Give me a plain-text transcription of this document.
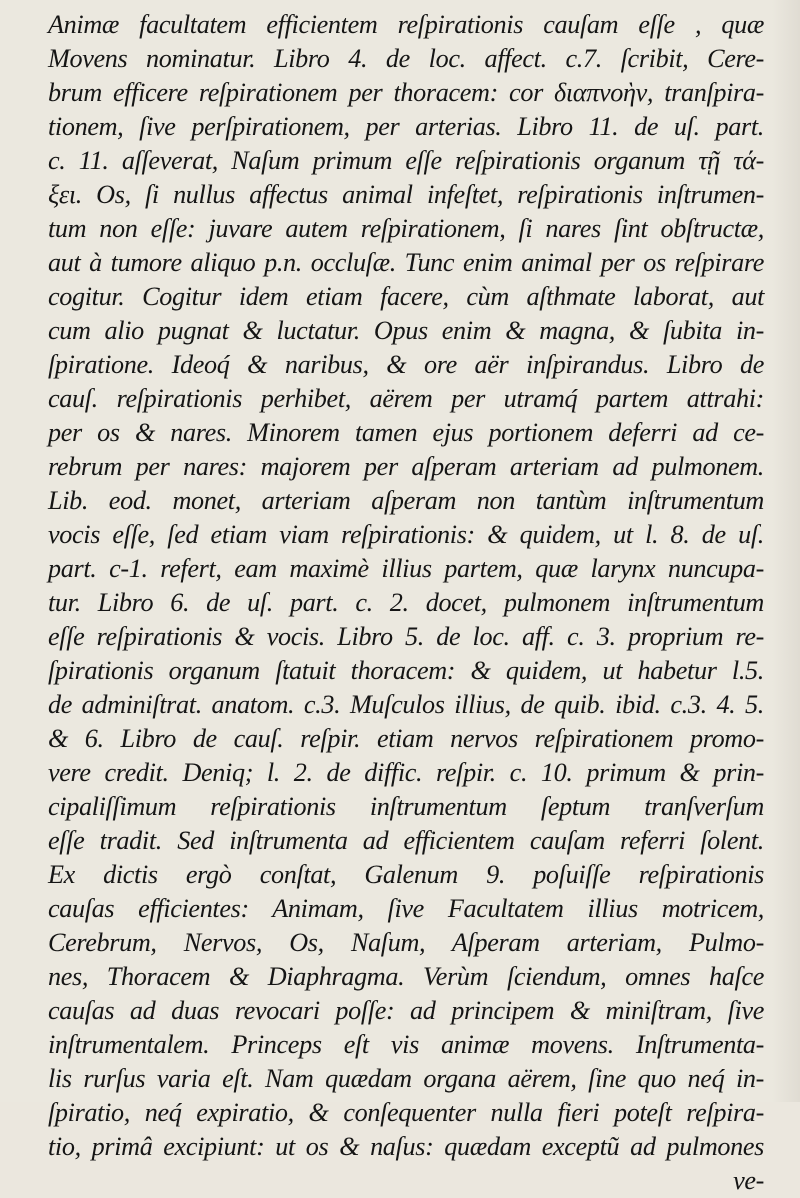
Animæ facultatem efficientem reſpirationis cauſam eſſe , quæ
Movens nominatur. Libro 4. de loc. affect. c.7. ſcribit, Cere-
brum efficere reſpirationem per thoracem: cor διαπνοὴν, tranſpira-
tionem, ſive perſpirationem, per arterias. Libro 11. de uſ. part.
c. 11. aſſeverat, Naſum primum eſſe reſpirationis organum τῇ τά-
ξει. Os, ſi nullus affectus animal infeſtet, reſpirationis inſtrumen-
tum non eſſe: juvare autem reſpirationem, ſi nares ſint obſtructæ,
aut à tumore aliquo p.n. occluſæ. Tunc enim animal per os reſpirare
cogitur. Cogitur idem etiam facere, cùm aſthmate laborat, aut
cum alio pugnat & luctatur. Opus enim & magna, & ſubita in-
ſpiratione. Ideoq́ & naribus, & ore aër inſpirandus. Libro de
cauſ. reſpirationis perhibet, aërem per utramq́ partem attrahi:
per os & nares. Minorem tamen ejus portionem deferri ad ce-
rebrum per nares: majorem per aſperam arteriam ad pulmonem.
Lib. eod. monet, arteriam aſperam non tantùm inſtrumentum
vocis eſſe, ſed etiam viam reſpirationis: & quidem, ut l. 8. de uſ.
part. c-1. refert, eam maximè illius partem, quæ larynx nuncupa-
tur. Libro 6. de uſ. part. c. 2. docet, pulmonem inſtrumentum
eſſe reſpirationis & vocis. Libro 5. de loc. aff. c. 3. proprium re-
ſpirationis organum ſtatuit thoracem: & quidem, ut habetur l.5.
de adminiſtrat. anatom. c.3. Muſculos illius, de quib. ibid. c.3. 4. 5.
& 6. Libro de cauſ. reſpir. etiam nervos reſpirationem promo-
vere credit. Deniq; l. 2. de diffic. reſpir. c. 10. primum & prin-
cipaliſſimum reſpirationis inſtrumentum ſeptum tranſverſum
eſſe tradit. Sed inſtrumenta ad efficientem cauſam referri ſolent.
Ex dictis ergò conſtat, Galenum 9. poſuiſſe reſpirationis
cauſas efficientes: Animam, ſive Facultatem illius motricem,
Cerebrum, Nervos, Os, Naſum, Aſperam arteriam, Pulmo-
nes, Thoracem & Diaphragma. Verùm ſciendum, omnes haſce
cauſas ad duas revocari poſſe: ad principem & miniſtram, ſive
inſtrumentalem. Princeps eſt vis animæ movens. Inſtrumenta-
lis rurſus varia eſt. Nam quædam organa aërem, ſine quo neq́ in-
ſpiratio, neq́ expiratio, & conſequenter nulla fieri poteſt reſpira-
tio, primâ excipiunt: ut os & naſus: quædam exceptũ ad pulmones
ve-
